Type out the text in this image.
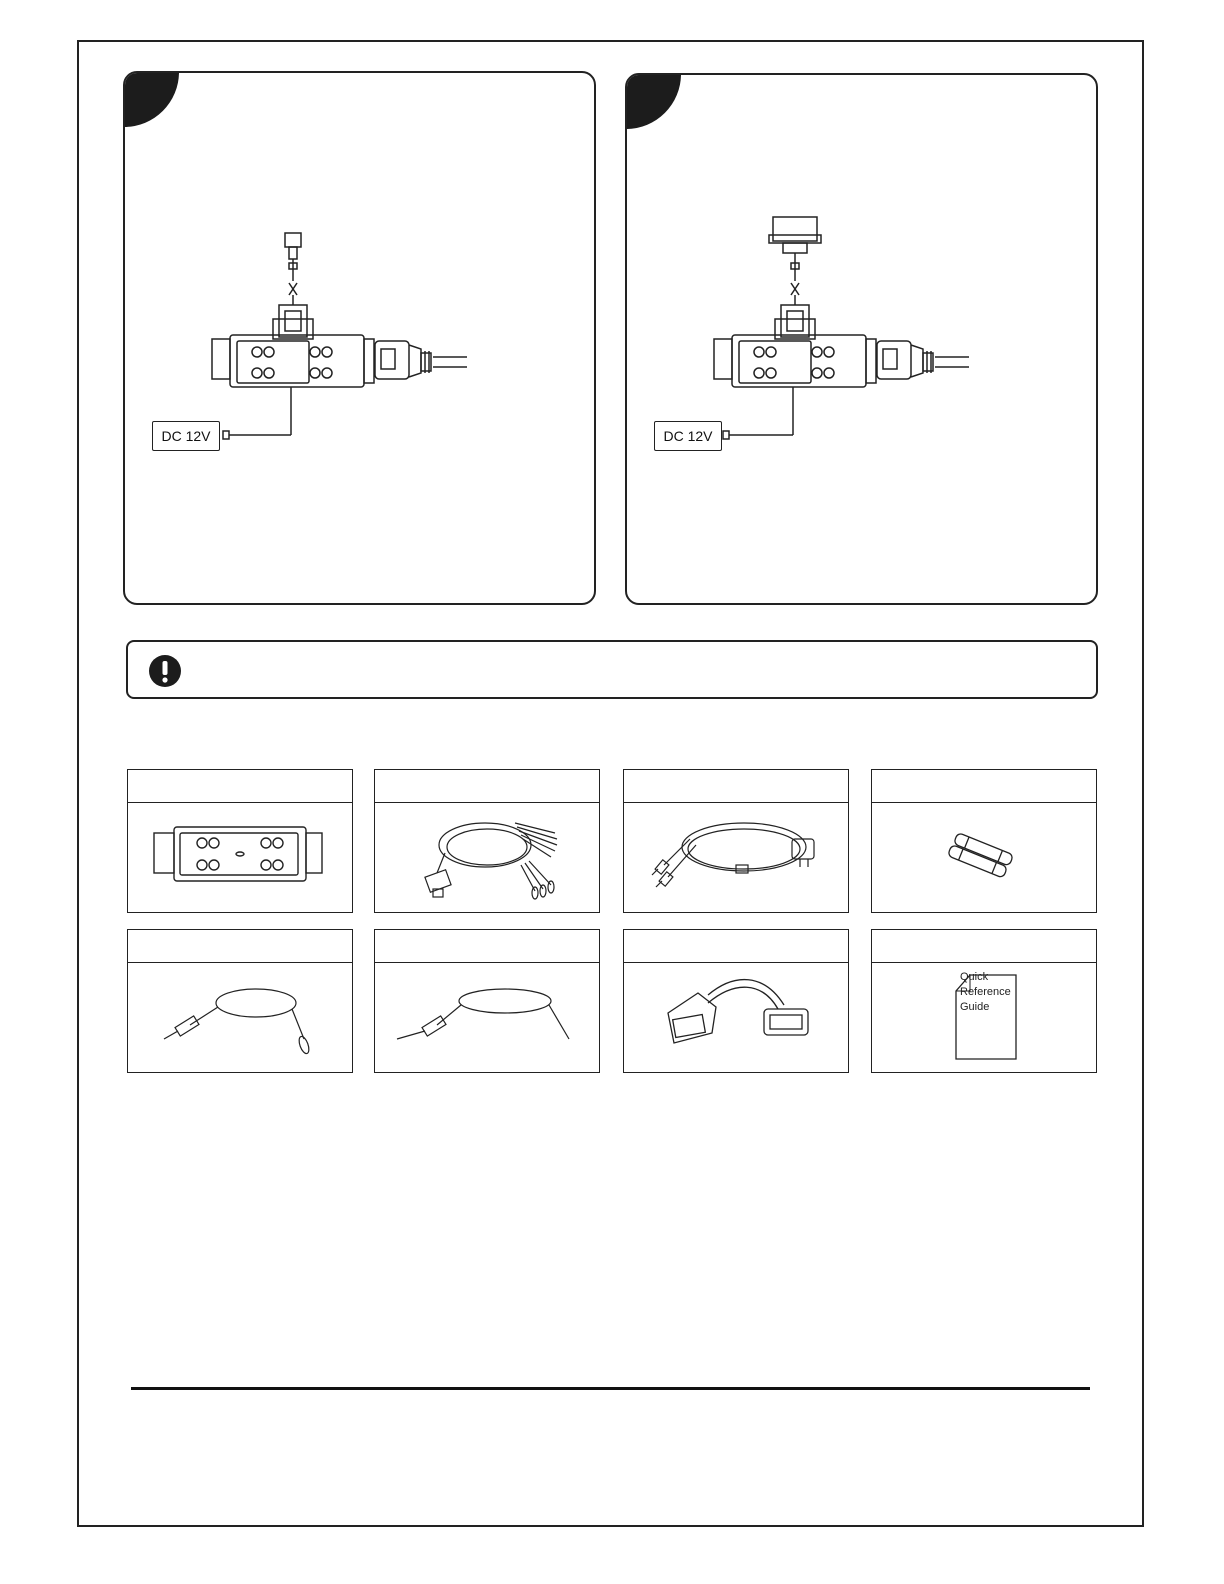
DC 12V	DC 12V
Quick
Reference
Guide
